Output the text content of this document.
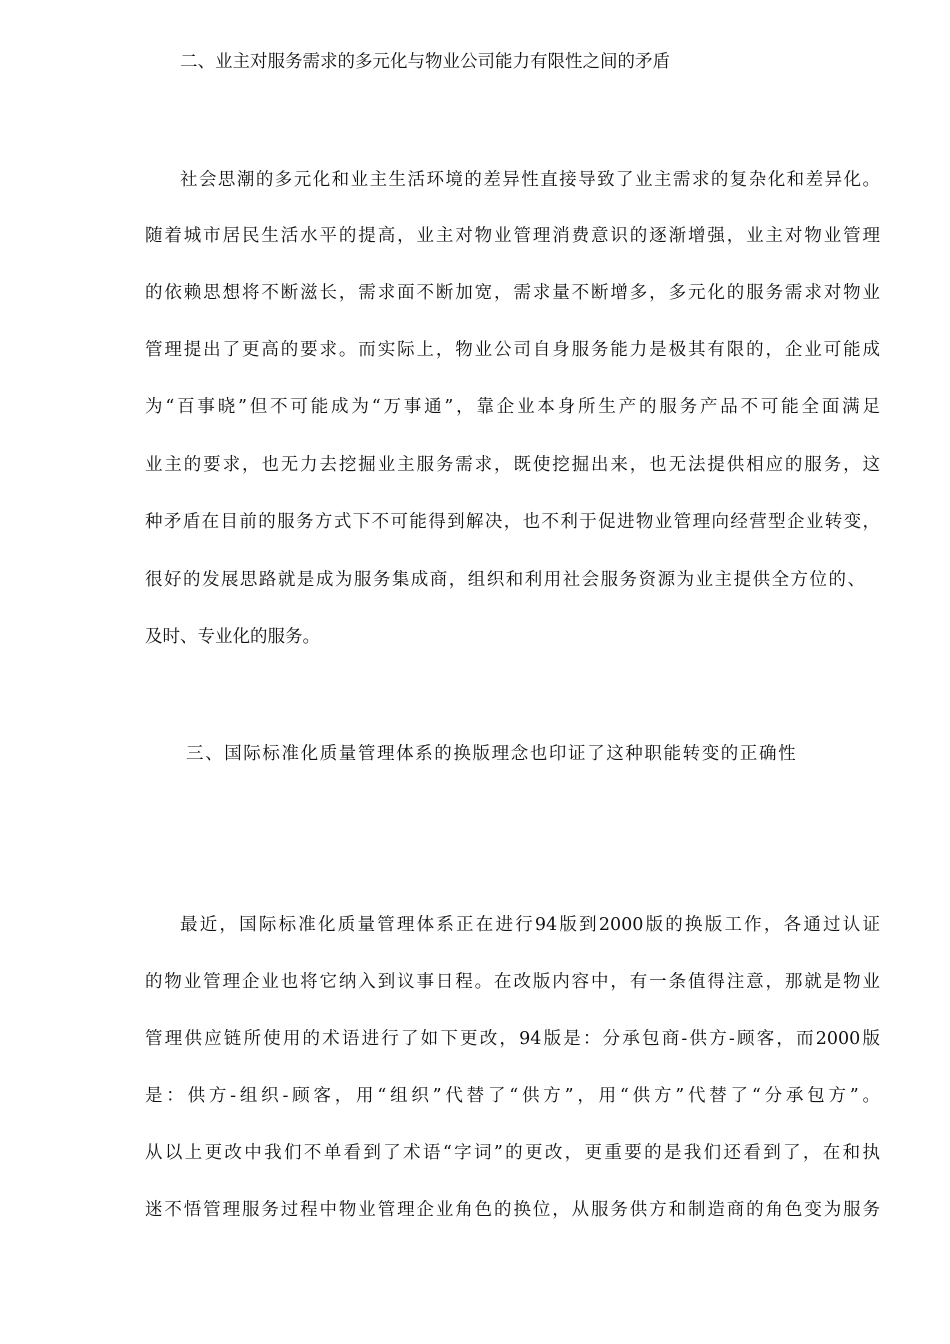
二、业主对服务需求的多元化与物业公司能力有限性之间的矛盾
社会思潮的多元化和业主生活环境的差异性直接导致了业主需求的复杂化和差异化。
随着城市居民生活水平的提高，业主对物业管理消费意识的逐渐增强，业主对物业管理
的依赖思想将不断滋长，需求面不断加宽，需求量不断增多，多元化的服务需求对物业
管理提出了更高的要求。而实际上，物业公司自身服务能力是极其有限的，企业可能成
为“百事晓”但不可能成为“万事通”，靠企业本身所生产的服务产品不可能全面满足
业主的要求，也无力去挖掘业主服务需求，既使挖掘出来，也无法提供相应的服务，这
种矛盾在目前的服务方式下不可能得到解决，也不利于促进物业管理向经营型企业转变，
很好的发展思路就是成为服务集成商，组织和利用社会服务资源为业主提供全方位的、
及时、专业化的服务。
三、国际标准化质量管理体系的换版理念也印证了这种职能转变的正确性
最近，国际标准化质量管理体系正在进行94版到2000版的换版工作，各通过认证
的物业管理企业也将它纳入到议事日程。在改版内容中，有一条值得注意，那就是物业
管理供应链所使用的术语进行了如下更改，94版是：分承包商-供方-顾客，而2000版
是：供方-组织-顾客，用“组织”代替了“供方”，用“供方”代替了“分承包方”。
从以上更改中我们不单看到了术语“字词”的更改，更重要的是我们还看到了，在和执
迷不悟管理服务过程中物业管理企业角色的换位，从服务供方和制造商的角色变为服务
